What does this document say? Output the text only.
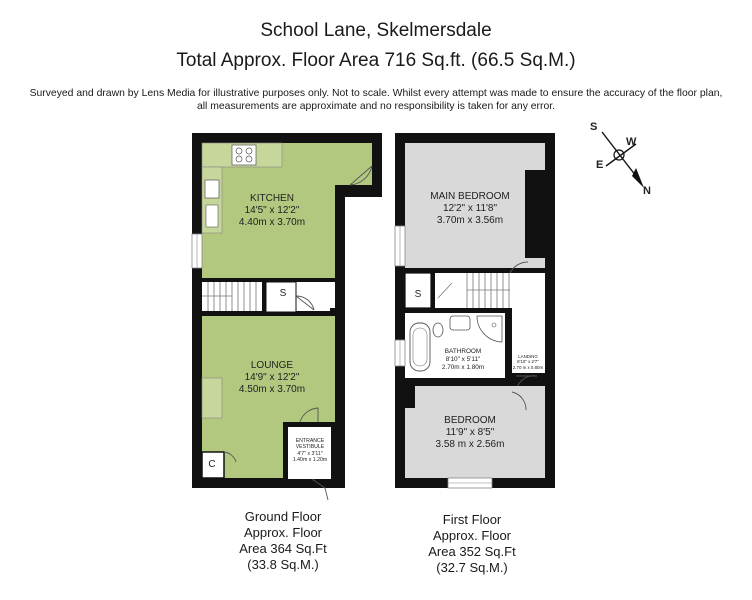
School Lane, Skelmersdale
Total Approx. Floor Area 716 Sq.ft. (66.5 Sq.M.)
Surveyed and drawn by Lens Media for illustrative purposes only. Not to scale. Whilst every attempt was made to ensure the accuracy of the floor plan,
all measurements are approximate and no responsibility is taken for any error.
S
W
E
N
KITCHEN
14'5" x 12'2"
4.40m x 3.70m
S
LOUNGE
14'9" x 12'2"
4.50m x 3.70m
ENTRANCE
VESTIBULE
4'7" x 3'11"
1.40m x 1.20m
C
MAIN BEDROOM
12'2" x 11'8"
3.70m x 3.56m
S
BATHROOM
8'10" x 5'11"
2.70m x 1.80m
LANDING
8'10" x 2'7"
2.70 m x 0.80m
BEDROOM
11'9" x 8'5"
3.58 m x 2.56m
Ground Floor
Approx. Floor
Area 364 Sq.Ft
(33.8 Sq.M.)
First Floor
Approx. Floor
Area 352 Sq.Ft
(32.7 Sq.M.)
